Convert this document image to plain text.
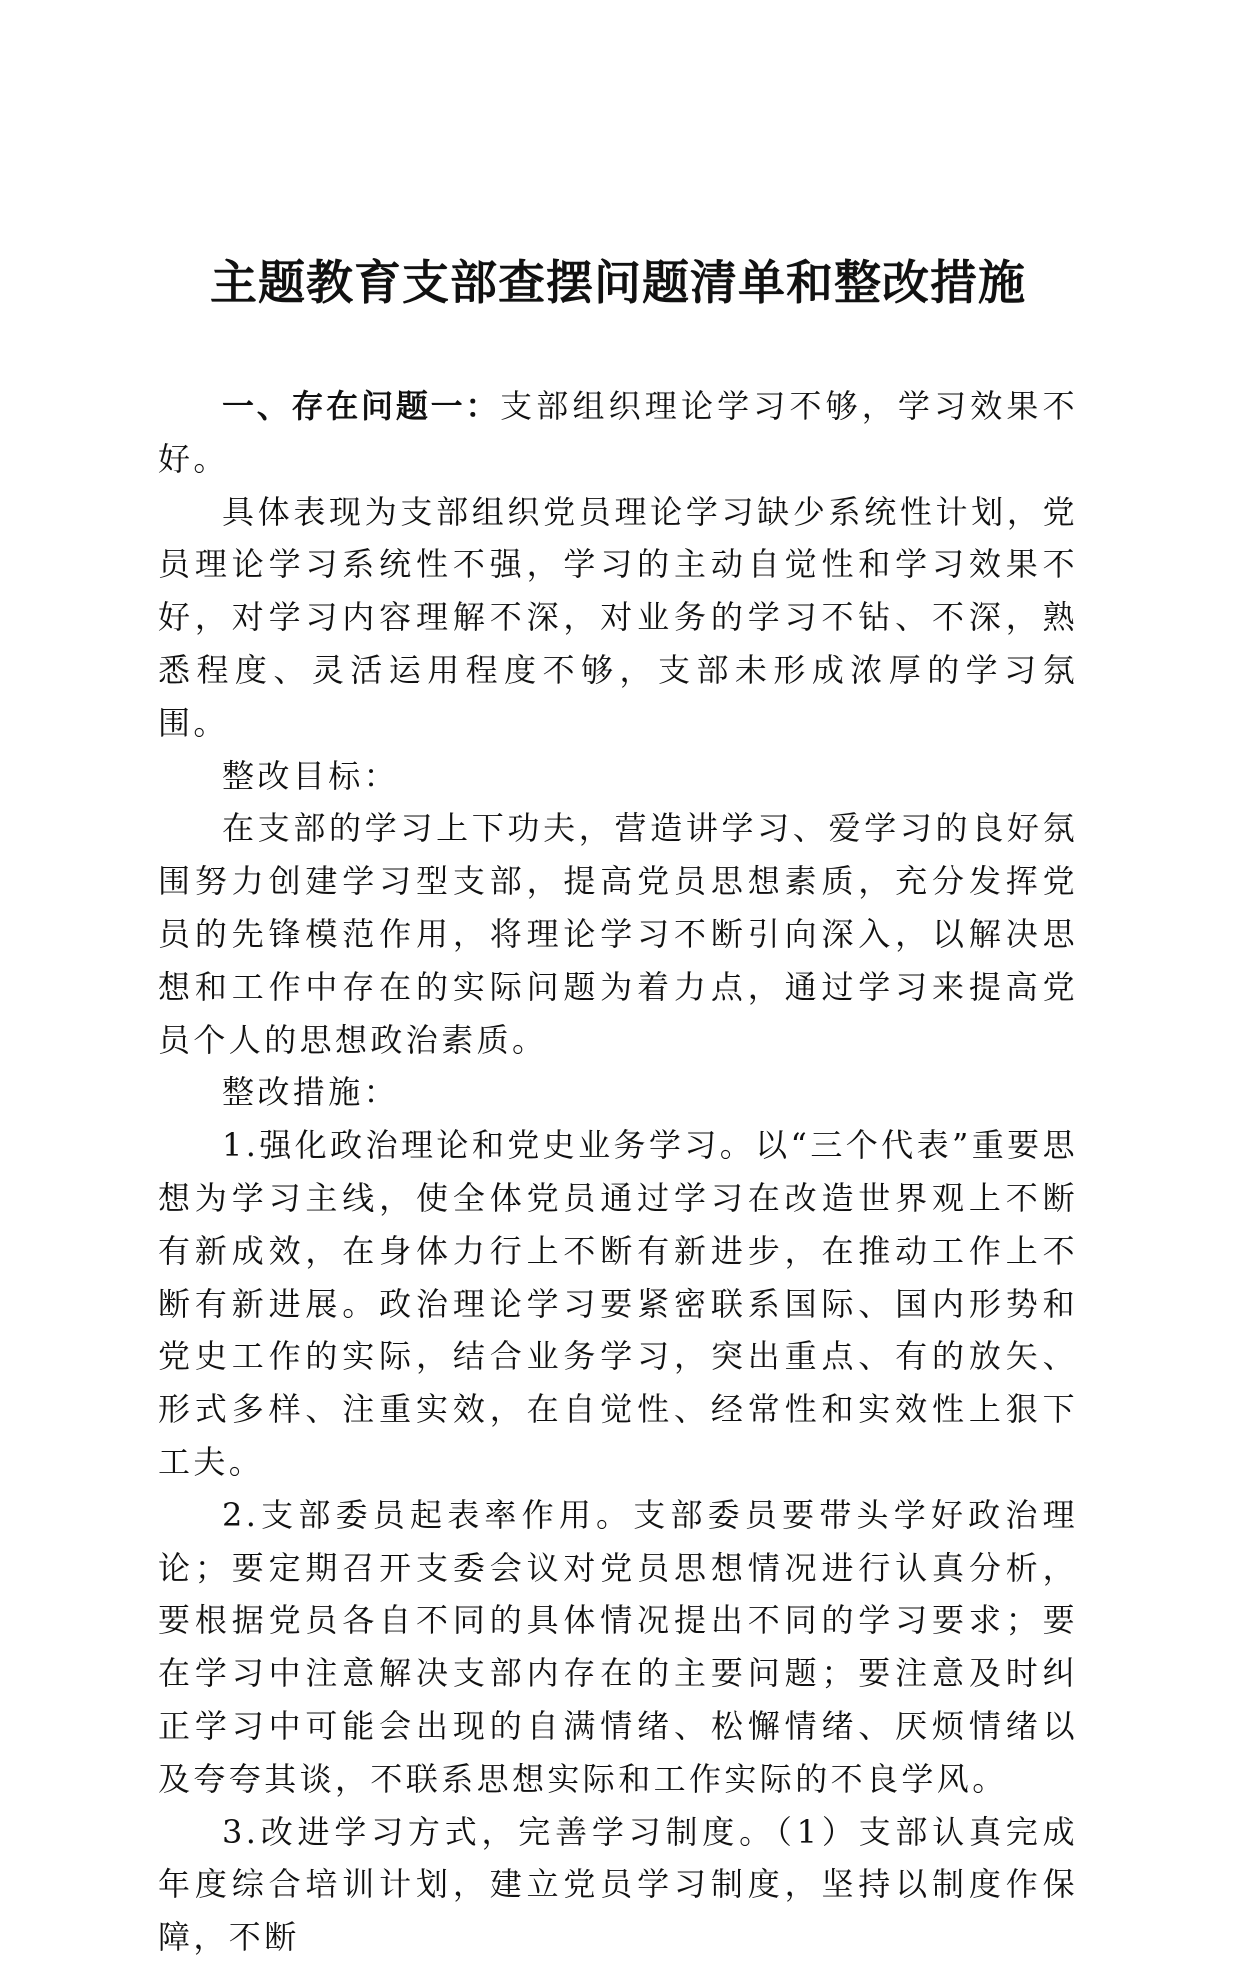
主题教育支部查摆问题清单和整改措施

一、存在问题一：支部组织理论学习不够，学习效果不好。

具体表现为支部组织党员理论学习缺少系统性计划，党员理论学习系统性不强，学习的主动自觉性和学习效果不好，对学习内容理解不深，对业务的学习不钻、不深，熟悉程度、灵活运用程度不够，支部未形成浓厚的学习氛围。

整改目标：

在支部的学习上下功夫，营造讲学习、爱学习的良好氛围努力创建学习型支部，提高党员思想素质，充分发挥党员的先锋模范作用，将理论学习不断引向深入，以解决思想和工作中存在的实际问题为着力点，通过学习来提高党员个人的思想政治素质。

整改措施：

1.强化政治理论和党史业务学习。以“三个代表”重要思想为学习主线，使全体党员通过学习在改造世界观上不断有新成效，在身体力行上不断有新进步，在推动工作上不断有新进展。政治理论学习要紧密联系国际、国内形势和党史工作的实际，结合业务学习，突出重点、有的放矢、形式多样、注重实效，在自觉性、经常性和实效性上狠下工夫。

2.支部委员起表率作用。支部委员要带头学好政治理论；要定期召开支委会议对党员思想情况进行认真分析，要根据党员各自不同的具体情况提出不同的学习要求；要在学习中注意解决支部内存在的主要问题；要注意及时纠正学习中可能会出现的自满情绪、松懈情绪、厌烦情绪以及夸夸其谈，不联系思想实际和工作实际的不良学风。

3.改进学习方式，完善学习制度。（1）支部认真完成年度综合培训计划，建立党员学习制度，坚持以制度作保障，不断
